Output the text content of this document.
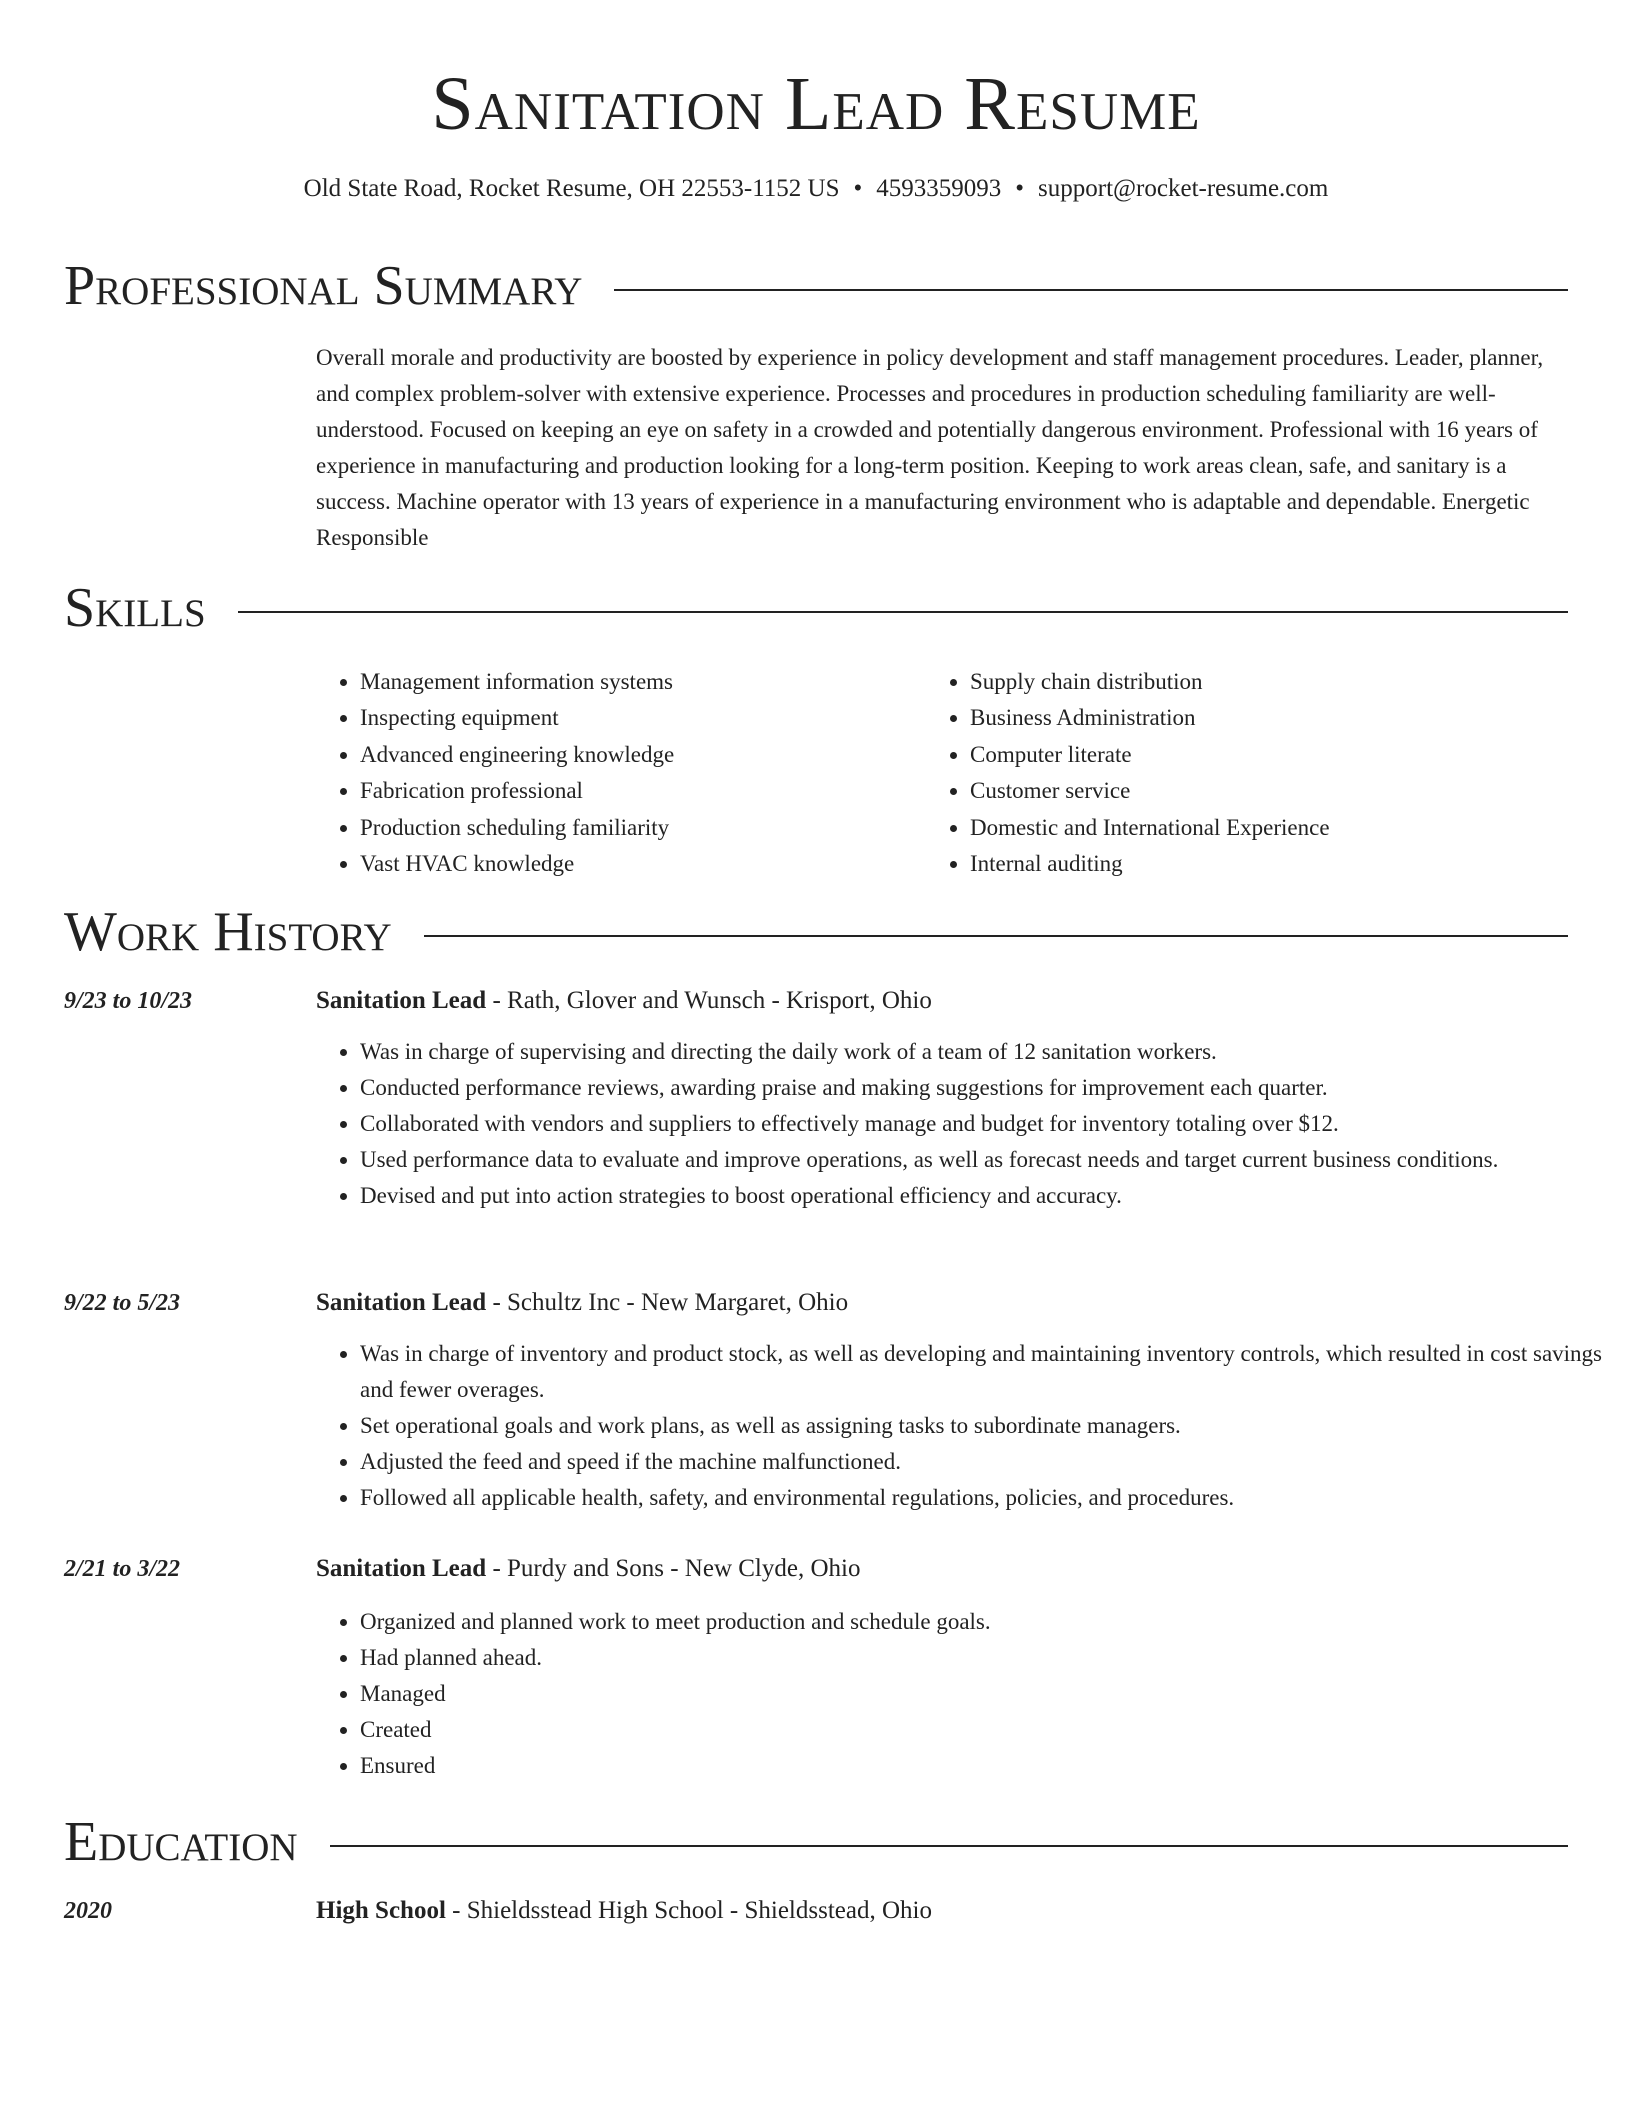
Sanitation Lead Resume
Old State Road, Rocket Resume, OH 22553-1152 US • 4593359093 • support@rocket-resume.com
Professional Summary

Overall morale and productivity are boosted by experience in policy development and staff management procedures. Leader, planner, and complex problem-solver with extensive experience. Processes and procedures in production scheduling familiarity are well-understood. Focused on keeping an eye on safety in a crowded and potentially dangerous environment. Professional with 16 years of experience in manufacturing and production looking for a long-term position. Keeping to work areas clean, safe, and sanitary is a success. Machine operator with 13 years of experience in a manufacturing environment who is adaptable and dependable. Energetic Responsible

Skills
• Management information systems
• Inspecting equipment
• Advanced engineering knowledge
• Fabrication professional
• Production scheduling familiarity
• Vast HVAC knowledge
• Supply chain distribution
• Business Administration
• Computer literate
• Customer service
• Domestic and International Experience
• Internal auditing
Work History
9/23 to 10/23	Sanitation Lead - Rath, Glover and Wunsch - Krisport, Ohio
• Was in charge of supervising and directing the daily work of a team of 12 sanitation workers.
• Conducted performance reviews, awarding praise and making suggestions for improvement each quarter.
• Collaborated with vendors and suppliers to effectively manage and budget for inventory totaling over $12.
• Used performance data to evaluate and improve operations, as well as forecast needs and target current business conditions.
• Devised and put into action strategies to boost operational efficiency and accuracy.
9/22 to 5/23	Sanitation Lead - Schultz Inc - New Margaret, Ohio
• Was in charge of inventory and product stock, as well as developing and maintaining inventory controls, which resulted in cost savings and fewer overages.
• Set operational goals and work plans, as well as assigning tasks to subordinate managers.
• Adjusted the feed and speed if the machine malfunctioned.
• Followed all applicable health, safety, and environmental regulations, policies, and procedures.
2/21 to 3/22	Sanitation Lead - Purdy and Sons - New Clyde, Ohio
• Organized and planned work to meet production and schedule goals.
• Had planned ahead.
• Managed
• Created
• Ensured
Education
2020	High School - Shieldsstead High School - Shieldsstead, Ohio
